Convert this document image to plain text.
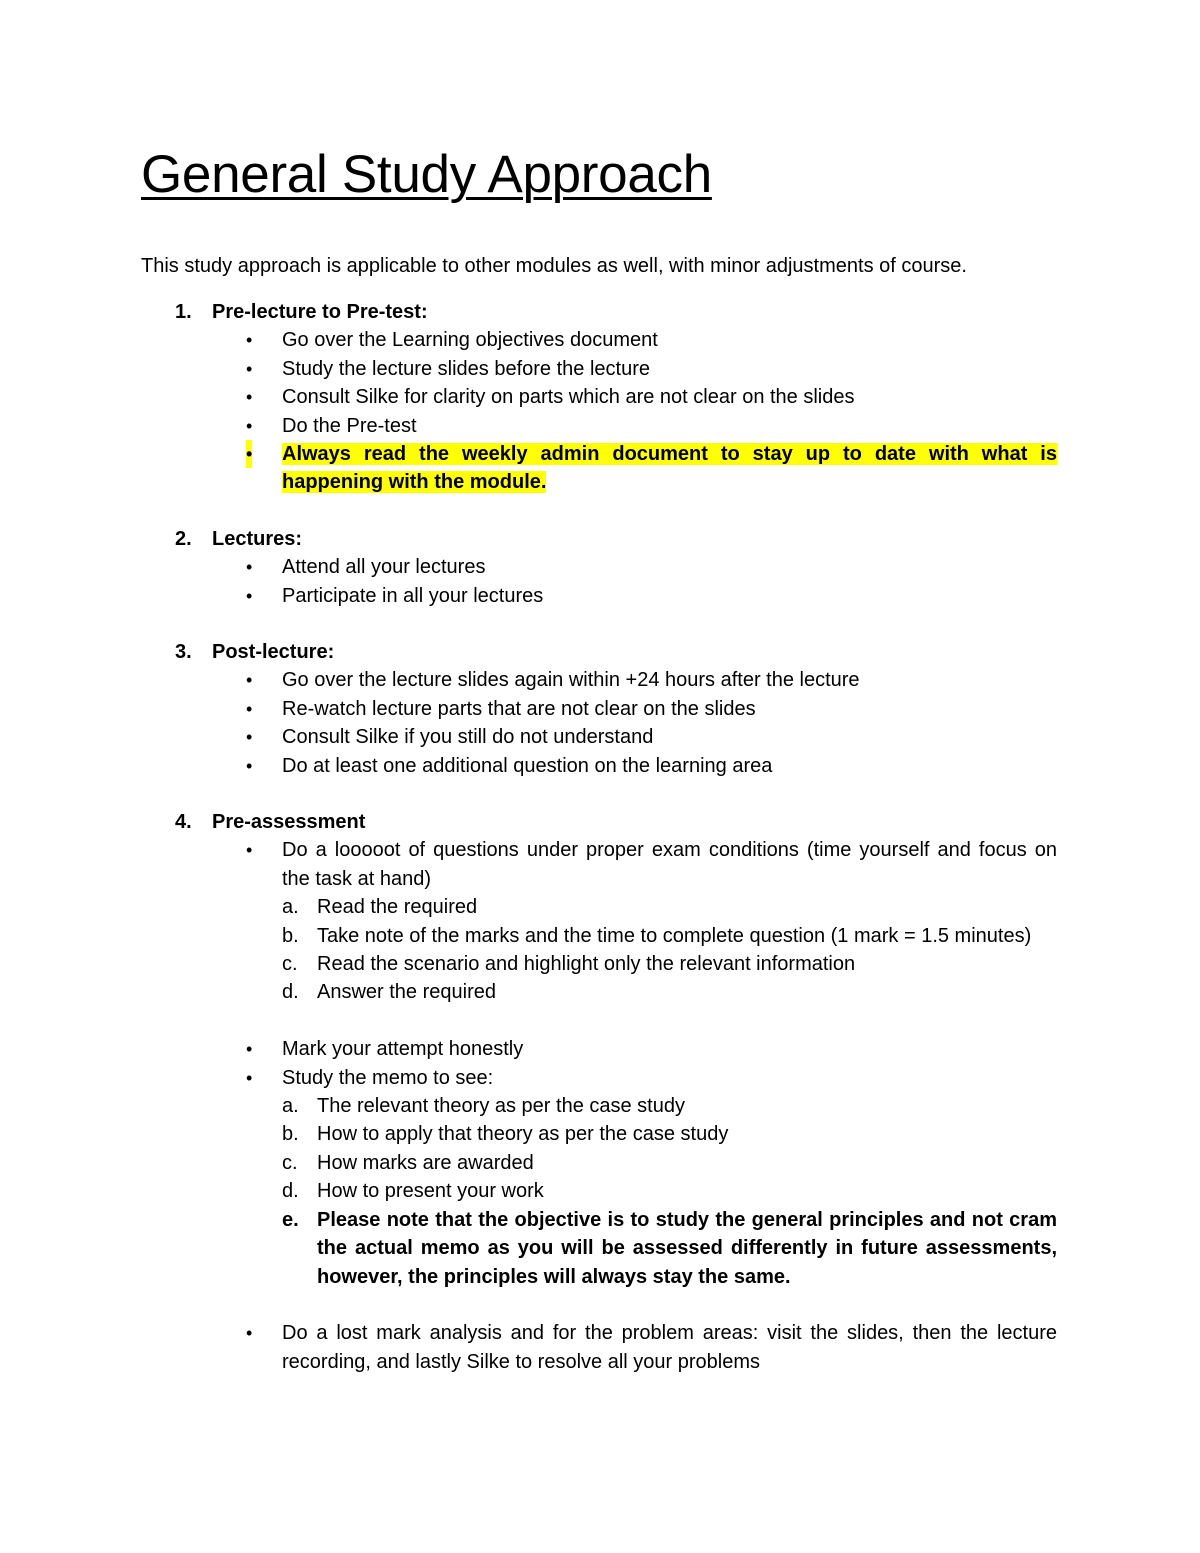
General Study Approach

This study approach is applicable to other modules as well, with minor adjustments of course.

1. Pre-lecture to Pre-test:
• Go over the Learning objectives document
• Study the lecture slides before the lecture
• Consult Silke for clarity on parts which are not clear on the slides
• Do the Pre-test
• Always read the weekly admin document to stay up to date with what is happening with the module.
2. Lectures:
• Attend all your lectures
• Participate in all your lectures
3. Post-lecture:
• Go over the lecture slides again within +24 hours after the lecture
• Re-watch lecture parts that are not clear on the slides
• Consult Silke if you still do not understand
• Do at least one additional question on the learning area
4. Pre-assessment
• Do a looooot of questions under proper exam conditions (time yourself and focus on the task at hand)
a. Read the required
b. Take note of the marks and the time to complete question (1 mark = 1.5 minutes)
c. Read the scenario and highlight only the relevant information
d. Answer the required
• Mark your attempt honestly
• Study the memo to see:
a. The relevant theory as per the case study
b. How to apply that theory as per the case study
c. How marks are awarded
d. How to present your work
e. Please note that the objective is to study the general principles and not cram the actual memo as you will be assessed differently in future assessments, however, the principles will always stay the same.
• Do a lost mark analysis and for the problem areas: visit the slides, then the lecture recording, and lastly Silke to resolve all your problems
